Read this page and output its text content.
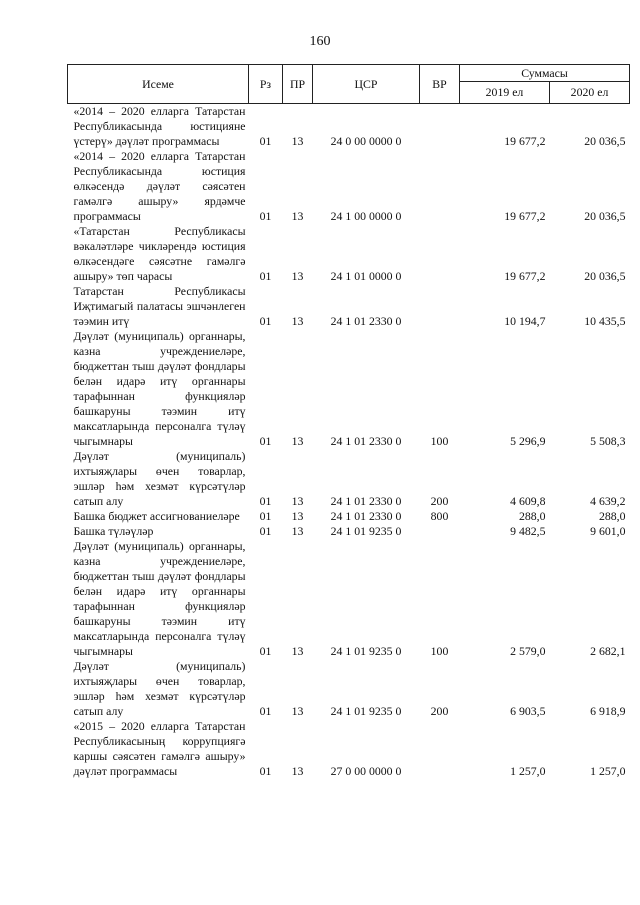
160
Исеме	Рз	ПР	ЦСР	ВР	Суммасы	
					2019 ел	2020 ел
«2014 – 2020 елларга Татарстан Республикасында юстицияне үстерү» дәүләт программасы	01	13	24 0 00 0000 0		19 677,2	20 036,5
«2014 – 2020 елларга Татарстан Республикасында юстиция өлкәсендә дәүләт сәясәтен гамәлгә ашыру» ярдәмче программасы	01	13	24 1 00 0000 0		19 677,2	20 036,5
«Татарстан Республикасы вәкаләтләре чикләрендә юстиция өлкәсендәге сәясәтне гамәлгә ашыру» төп чарасы	01	13	24 1 01 0000 0		19 677,2	20 036,5
Татарстан Республикасы Иҗтимагый палатасы эшчәнлеген тәэмин итү	01	13	24 1 01 2330 0		10 194,7	10 435,5
Дәүләт (муниципаль) органнары, казна учреждениеләре, бюджеттан тыш дәүләт фондлары белән идарә итү органнары тарафыннан функцияләр башкаруны тәэмин итү максатларында персоналга түләү чыгымнары	01	13	24 1 01 2330 0	100	5 296,9	5 508,3
Дәүләт (муниципаль) ихтыяҗлары өчен товарлар, эшләр һәм хезмәт күрсәтүләр сатып алу	01	13	24 1 01 2330 0	200	4 609,8	4 639,2
Башка бюджет ассигнованиеләре	01	13	24 1 01 2330 0	800	288,0	288,0
Башка түләүләр	01	13	24 1 01 9235 0		9 482,5	9 601,0
Дәүләт (муниципаль) органнары, казна учреждениеләре, бюджеттан тыш дәүләт фондлары белән идарә итү органнары тарафыннан функцияләр башкаруны тәэмин итү максатларында персоналга түләү чыгымнары	01	13	24 1 01 9235 0	100	2 579,0	2 682,1
Дәүләт (муниципаль) ихтыяҗлары өчен товарлар, эшләр һәм хезмәт күрсәтүләр сатып алу	01	13	24 1 01 9235 0	200	6 903,5	6 918,9
«2015 – 2020 елларга Татарстан Республикасының коррупциягә каршы сәясәтен гамәлгә ашыру» дәүләт программасы	01	13	27 0 00 0000 0		1 257,0	1 257,0
